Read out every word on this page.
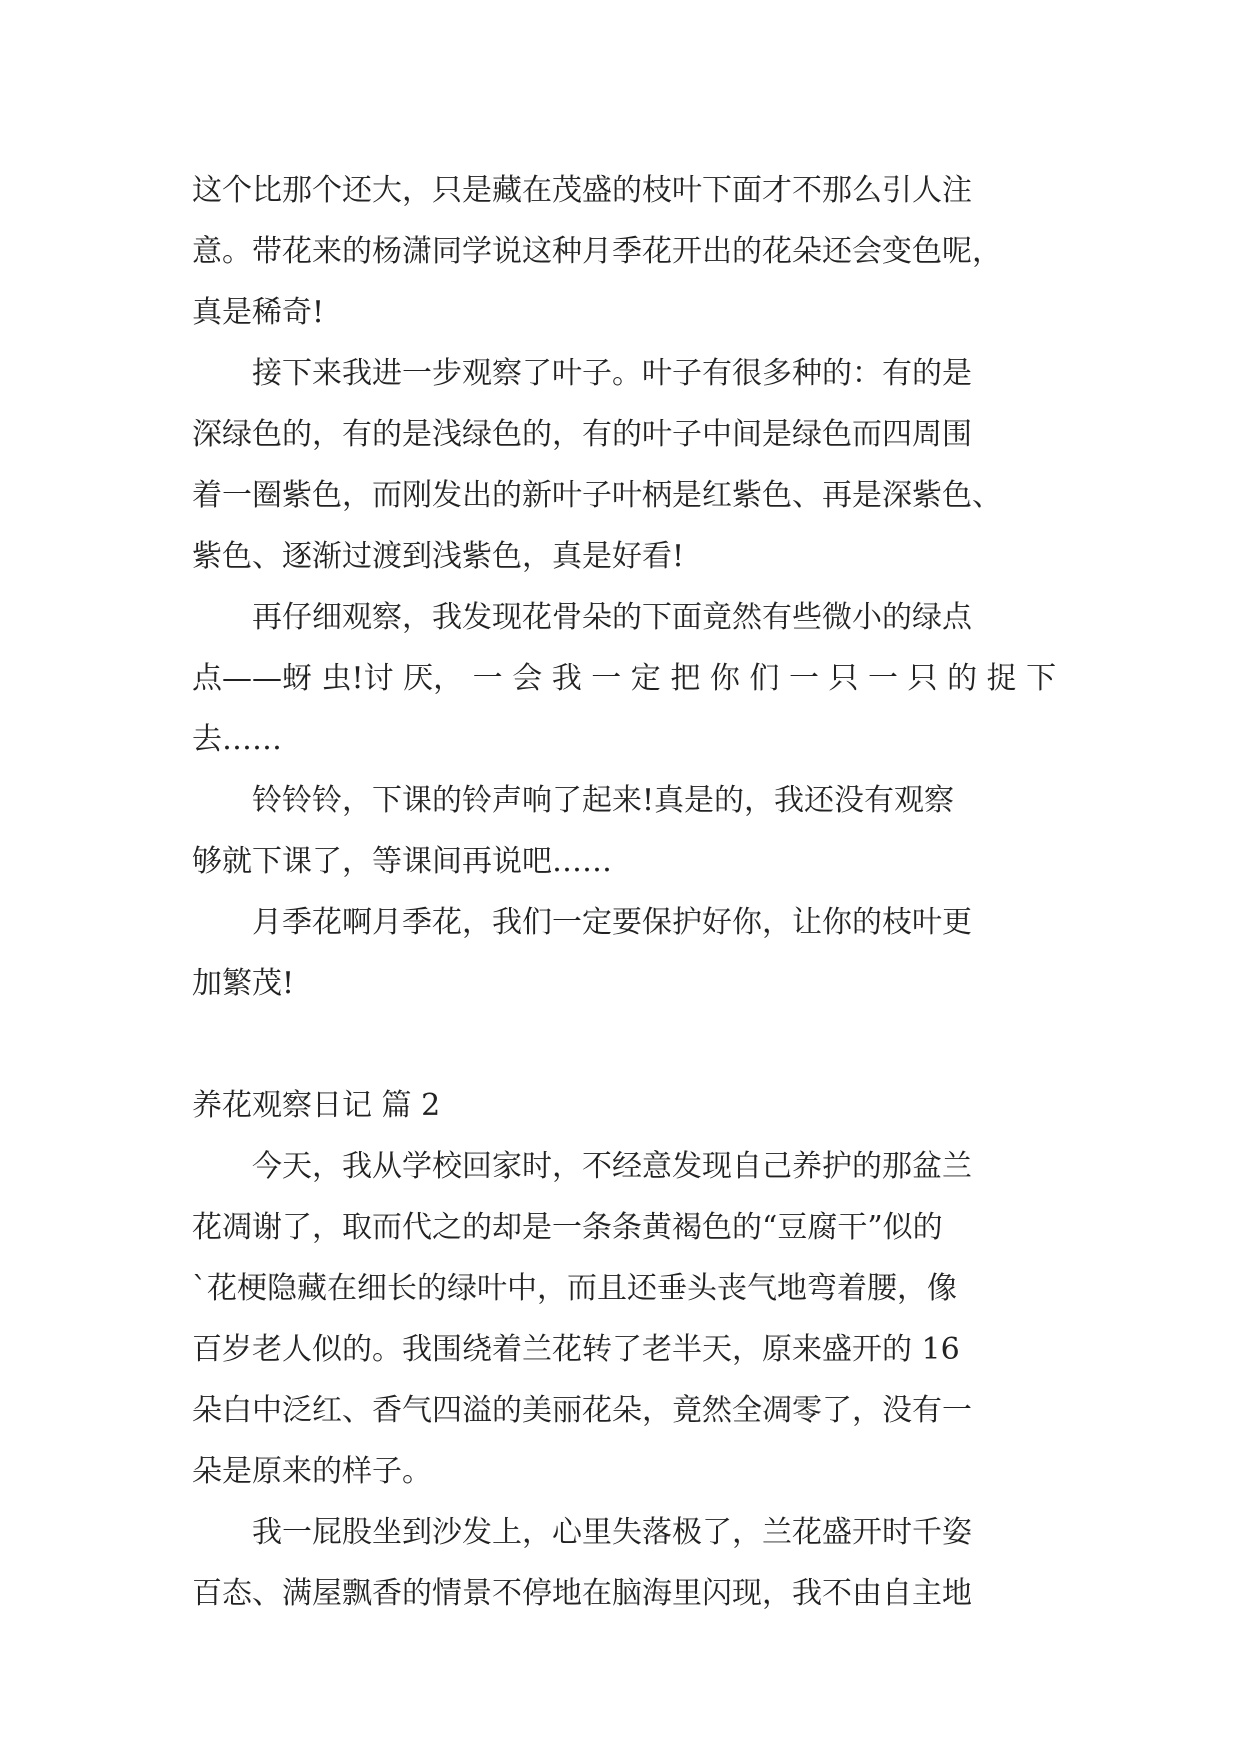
这个比那个还大，只是藏在茂盛的枝叶下面才不那么引人注
意。带花来的杨潇同学说这种月季花开出的花朵还会变色呢，
真是稀奇!
　　接下来我进一步观察了叶子。叶子有很多种的：有的是
深绿色的，有的是浅绿色的，有的叶子中间是绿色而四周围
着一圈紫色，而刚发出的新叶子叶柄是红紫色、再是深紫色、
紫色、逐渐过渡到浅紫色，真是好看!
　　再仔细观察，我发现花骨朵的下面竟然有些微小的绿点
点——蚜 虫!讨 厌， 一 会 我 一 定 把 你 们 一 只 一 只 的 捉 下
去……
　　铃铃铃，下课的铃声响了起来!真是的，我还没有观察
够就下课了，等课间再说吧……
　　月季花啊月季花，我们一定要保护好你，让你的枝叶更
加繁茂!
养花观察日记 篇 2
　　今天，我从学校回家时，不经意发现自己养护的那盆兰
花凋谢了，取而代之的却是一条条黄褐色的“豆腐干”似的
`花梗隐藏在细长的绿叶中，而且还垂头丧气地弯着腰，像
百岁老人似的。我围绕着兰花转了老半天，原来盛开的 16
朵白中泛红、香气四溢的美丽花朵，竟然全凋零了，没有一
朵是原来的样子。
　　我一屁股坐到沙发上，心里失落极了，兰花盛开时千姿
百态、满屋飘香的情景不停地在脑海里闪现，我不由自主地
